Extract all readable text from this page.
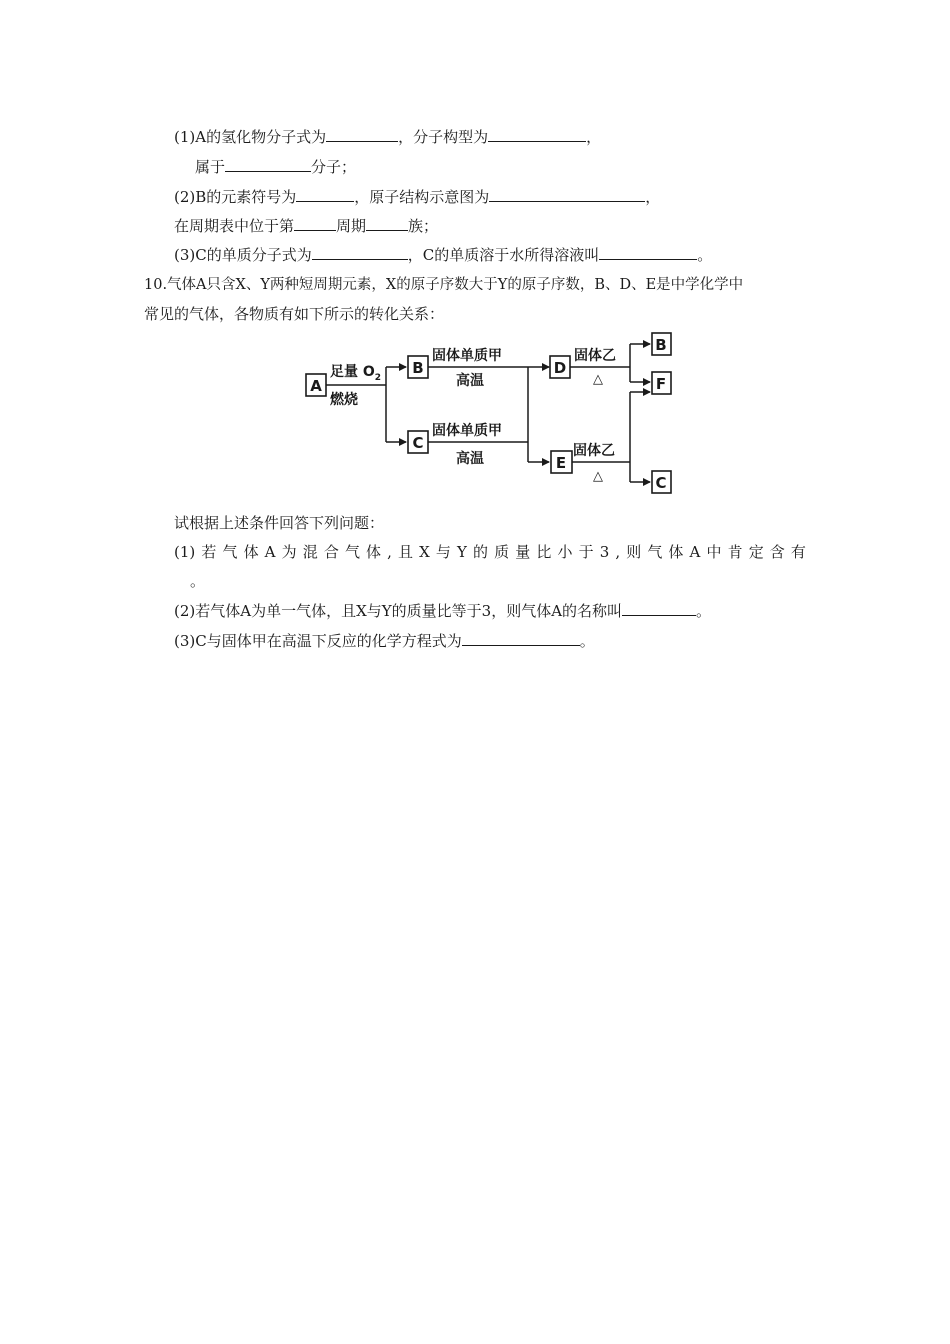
(1)A的氢化物分子式为	，分子构型为	，
属于	分子；
(2)B的元素符号为	，原子结构示意图为	，
在周期表中位于第	周期	族；
(3)C的单质分子式为	，C的单质溶于水所得溶液叫	。
10.气体A只含X、Y两种短周期元素，X的原子序数大于Y的原子序数，B、D、E是中学化学中
常见的气体，各物质有如下所示的转化关系：
A
B
C
D
E
B
F
C
足量 $O_2$
燃烧
固体单质甲
高温
固体单质甲
高温
固体乙
固体乙
△
△
试根据上述条件回答下列问题：
(1) 若 气 体 A 为 混 合 气 体 , 且 X 与 Y 的 质 量 比 小 于 3 , 则 气 体 A 中 肯 定 含 有
。
(2)若气体A为单一气体，且X与Y的质量比等于3，则气体A的名称叫	。
(3)C与固体甲在高温下反应的化学方程式为	。
